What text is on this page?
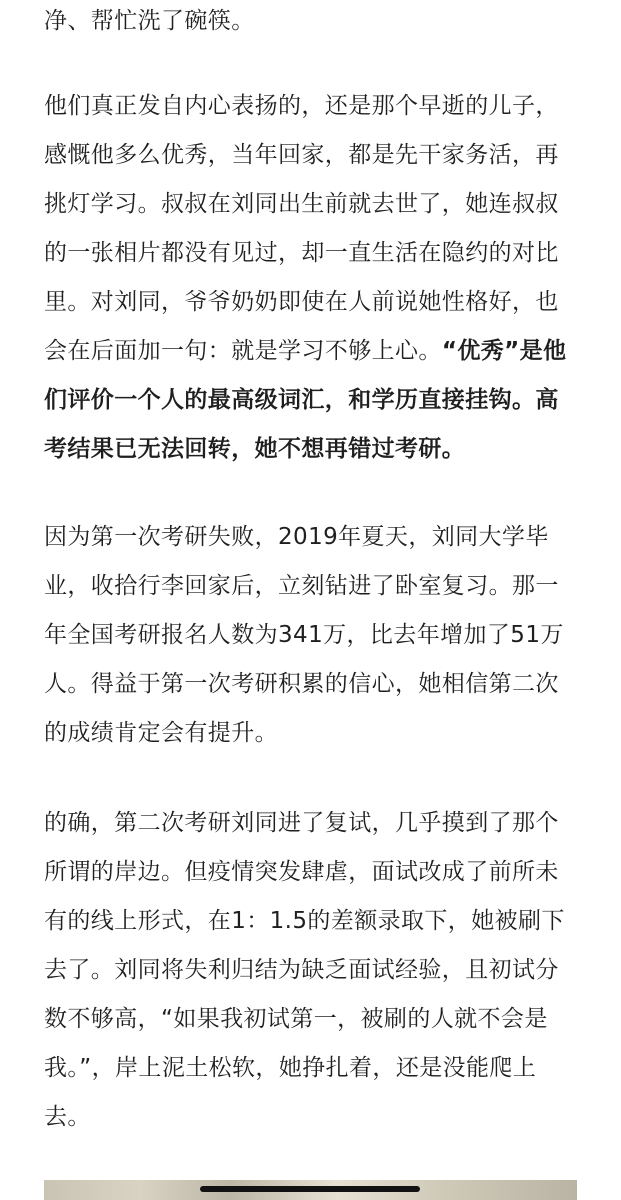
净、帮忙洗了碗筷。
他们真正发自内心表扬的，还是那个早逝的儿子，
感慨他多么优秀，当年回家，都是先干家务活，再
挑灯学习。叔叔在刘同出生前就去世了，她连叔叔
的一张相片都没有见过，却一直生活在隐约的对比
里。对刘同，爷爷奶奶即使在人前说她性格好，也
会在后面加一句：就是学习不够上心。“优秀”是他
们评价一个人的最高级词汇，和学历直接挂钩。高
考结果已无法回转，她不想再错过考研。
因为第一次考研失败，2019年夏天，刘同大学毕
业，收拾行李回家后，立刻钻进了卧室复习。那一
年全国考研报名人数为341万，比去年增加了51万
人。得益于第一次考研积累的信心，她相信第二次
的成绩肯定会有提升。
的确，第二次考研刘同进了复试，几乎摸到了那个
所谓的岸边。但疫情突发肆虐，面试改成了前所未
有的线上形式，在1：1.5的差额录取下，她被刷下
去了。刘同将失利归结为缺乏面试经验，且初试分
数不够高，“如果我初试第一，被刷的人就不会是
我。”，岸上泥土松软，她挣扎着，还是没能爬上
去。
